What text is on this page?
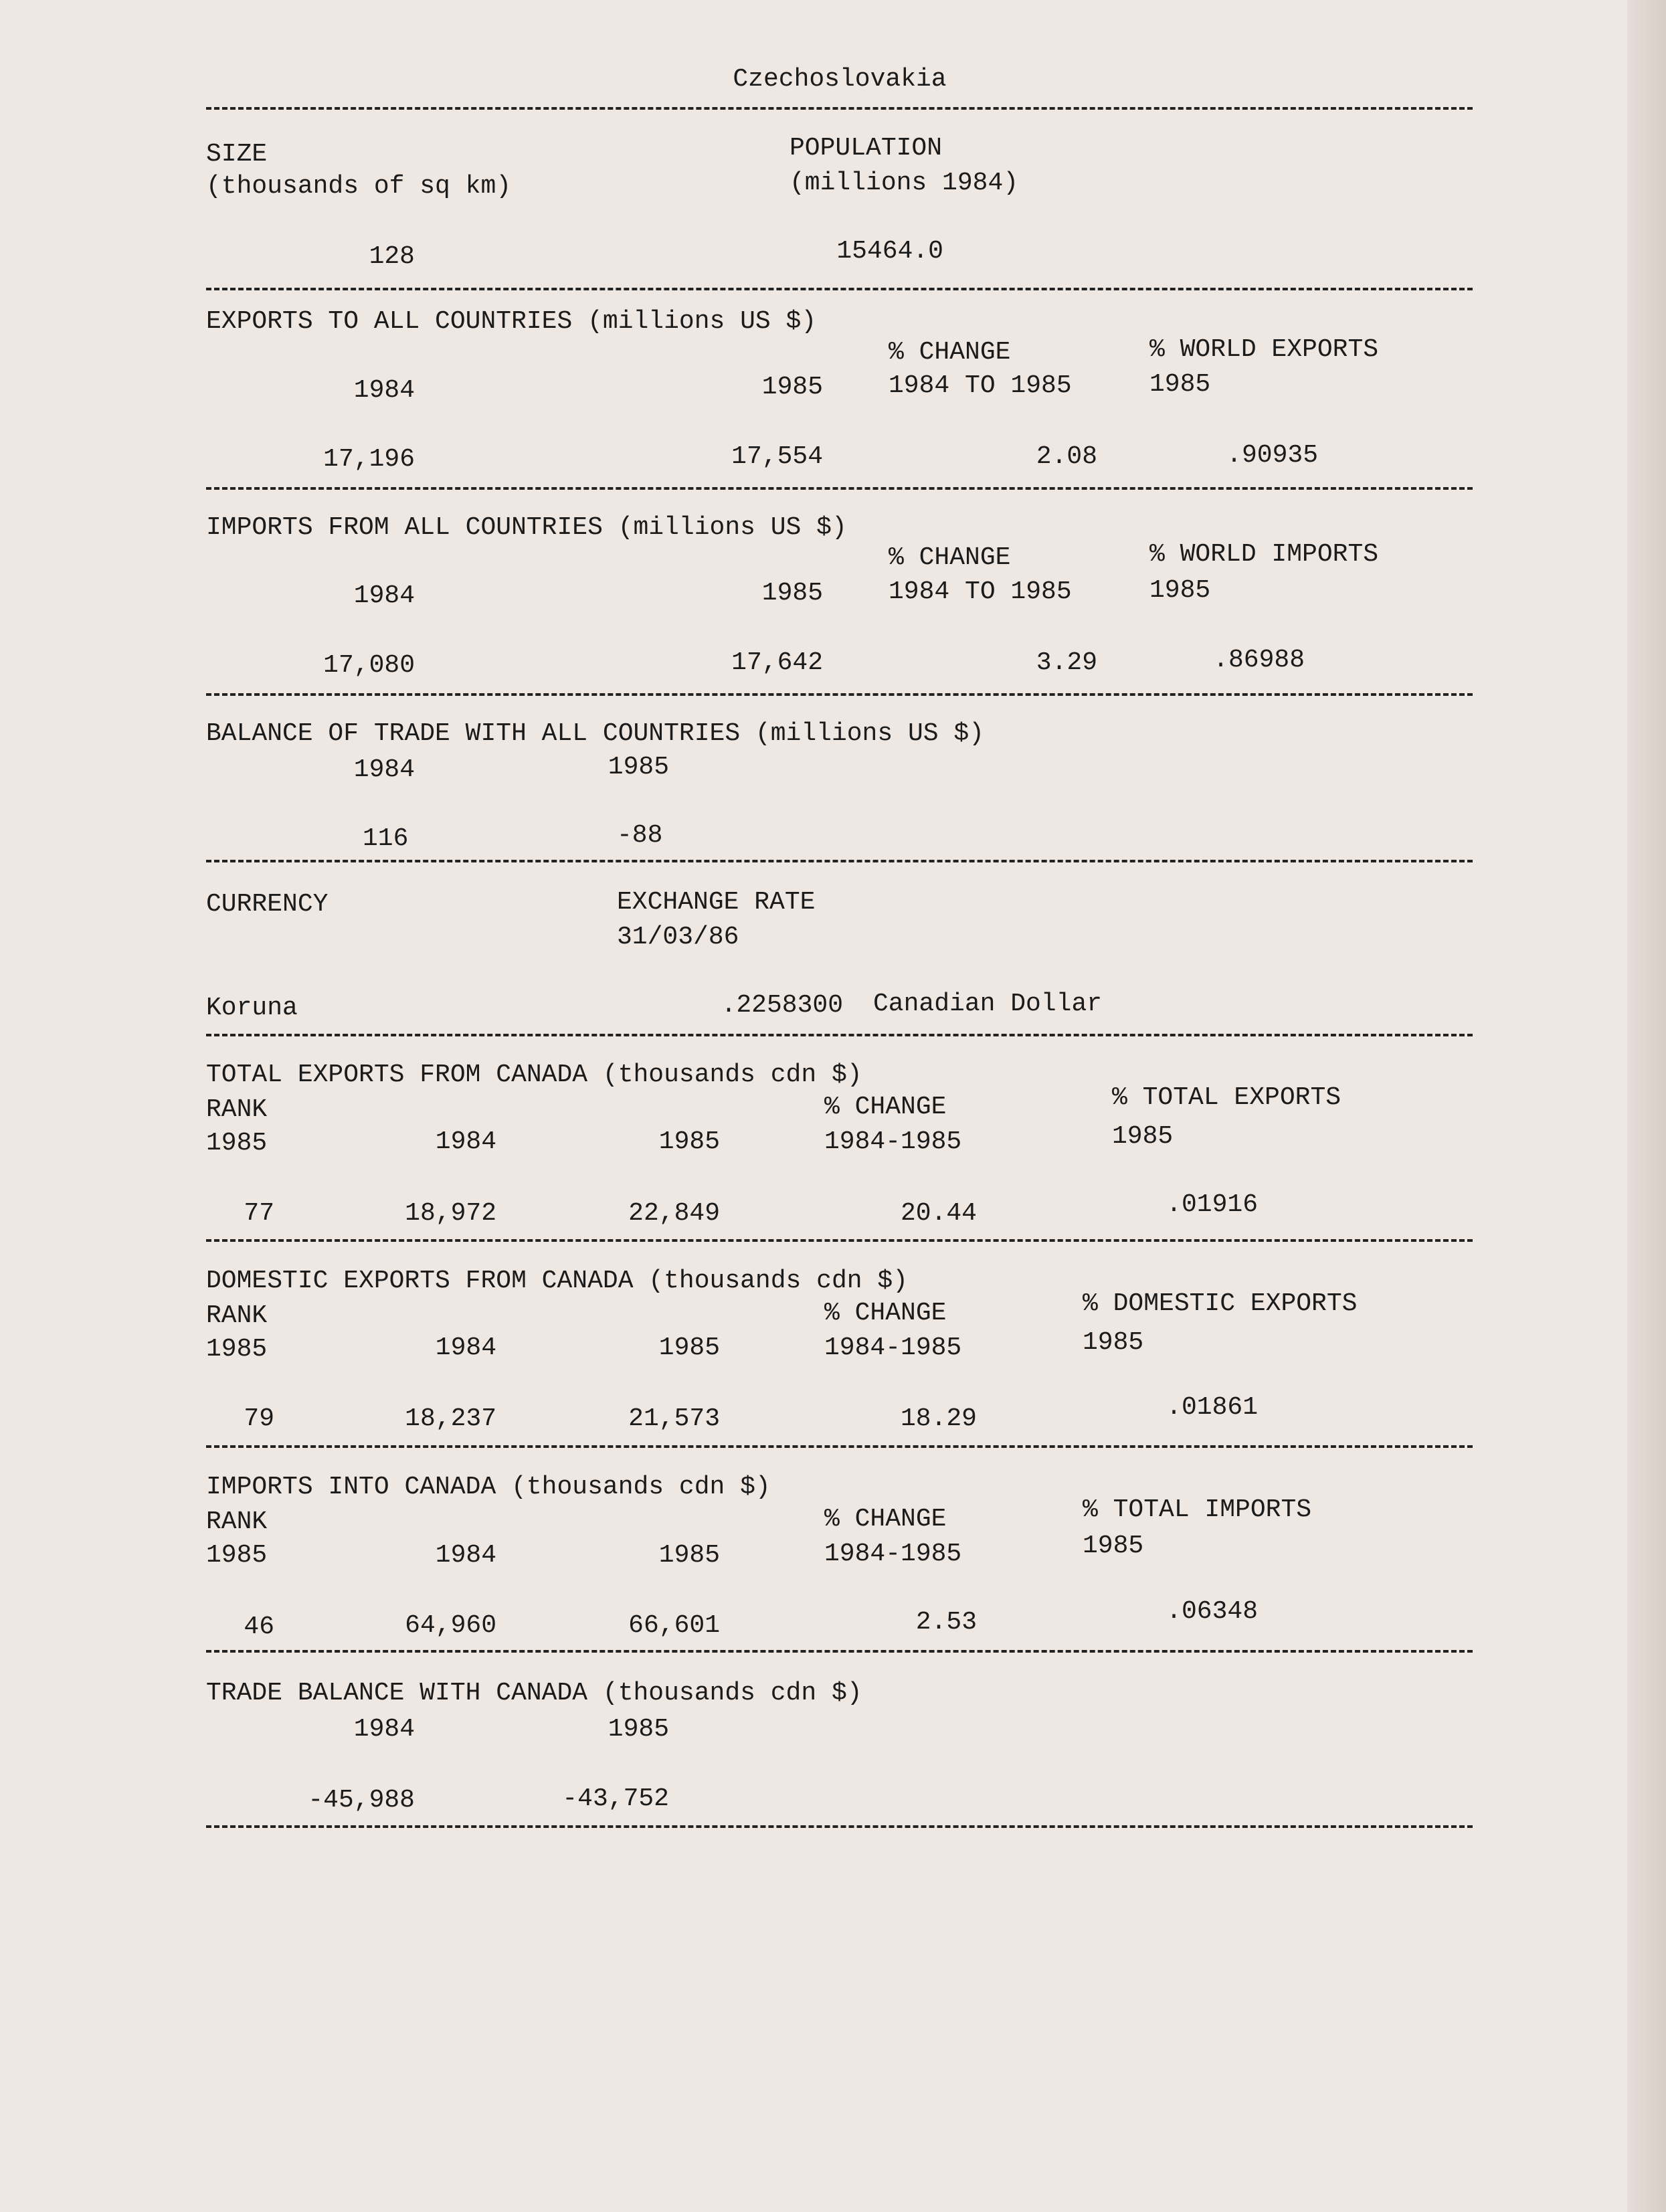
Czechoslovakia
SIZE
(thousands of sq km)
POPULATION
(millions 1984)
128	15464.0
EXPORTS TO ALL COUNTRIES (millions US $)
% CHANGE	% WORLD EXPORTS
1984	1985	1984 TO 1985	1985
17,196	17,554	2.08	.90935
IMPORTS FROM ALL COUNTRIES (millions US $)
% CHANGE	% WORLD IMPORTS
1984	1985	1984 TO 1985	1985
17,080	17,642	3.29	.86988
BALANCE OF TRADE WITH ALL COUNTRIES (millions US $)
1984	1985
116	-88
CURRENCY	EXCHANGE RATE
31/03/86
Koruna	.2258300 Canadian Dollar
TOTAL EXPORTS FROM CANADA (thousands cdn $)
RANK	% CHANGE	% TOTAL EXPORTS
1985	1984	1985	1984-1985	1985
77	18,972	22,849	20.44	.01916
DOMESTIC EXPORTS FROM CANADA (thousands cdn $)
RANK	% CHANGE	% DOMESTIC EXPORTS
1985	1984	1985	1984-1985	1985
79	18,237	21,573	18.29	.01861
IMPORTS INTO CANADA (thousands cdn $)
RANK	% CHANGE	% TOTAL IMPORTS
1985	1984	1985	1984-1985	1985
46	64,960	66,601	2.53	.06348
TRADE BALANCE WITH CANADA (thousands cdn $)
1984	1985
-45,988	-43,752
